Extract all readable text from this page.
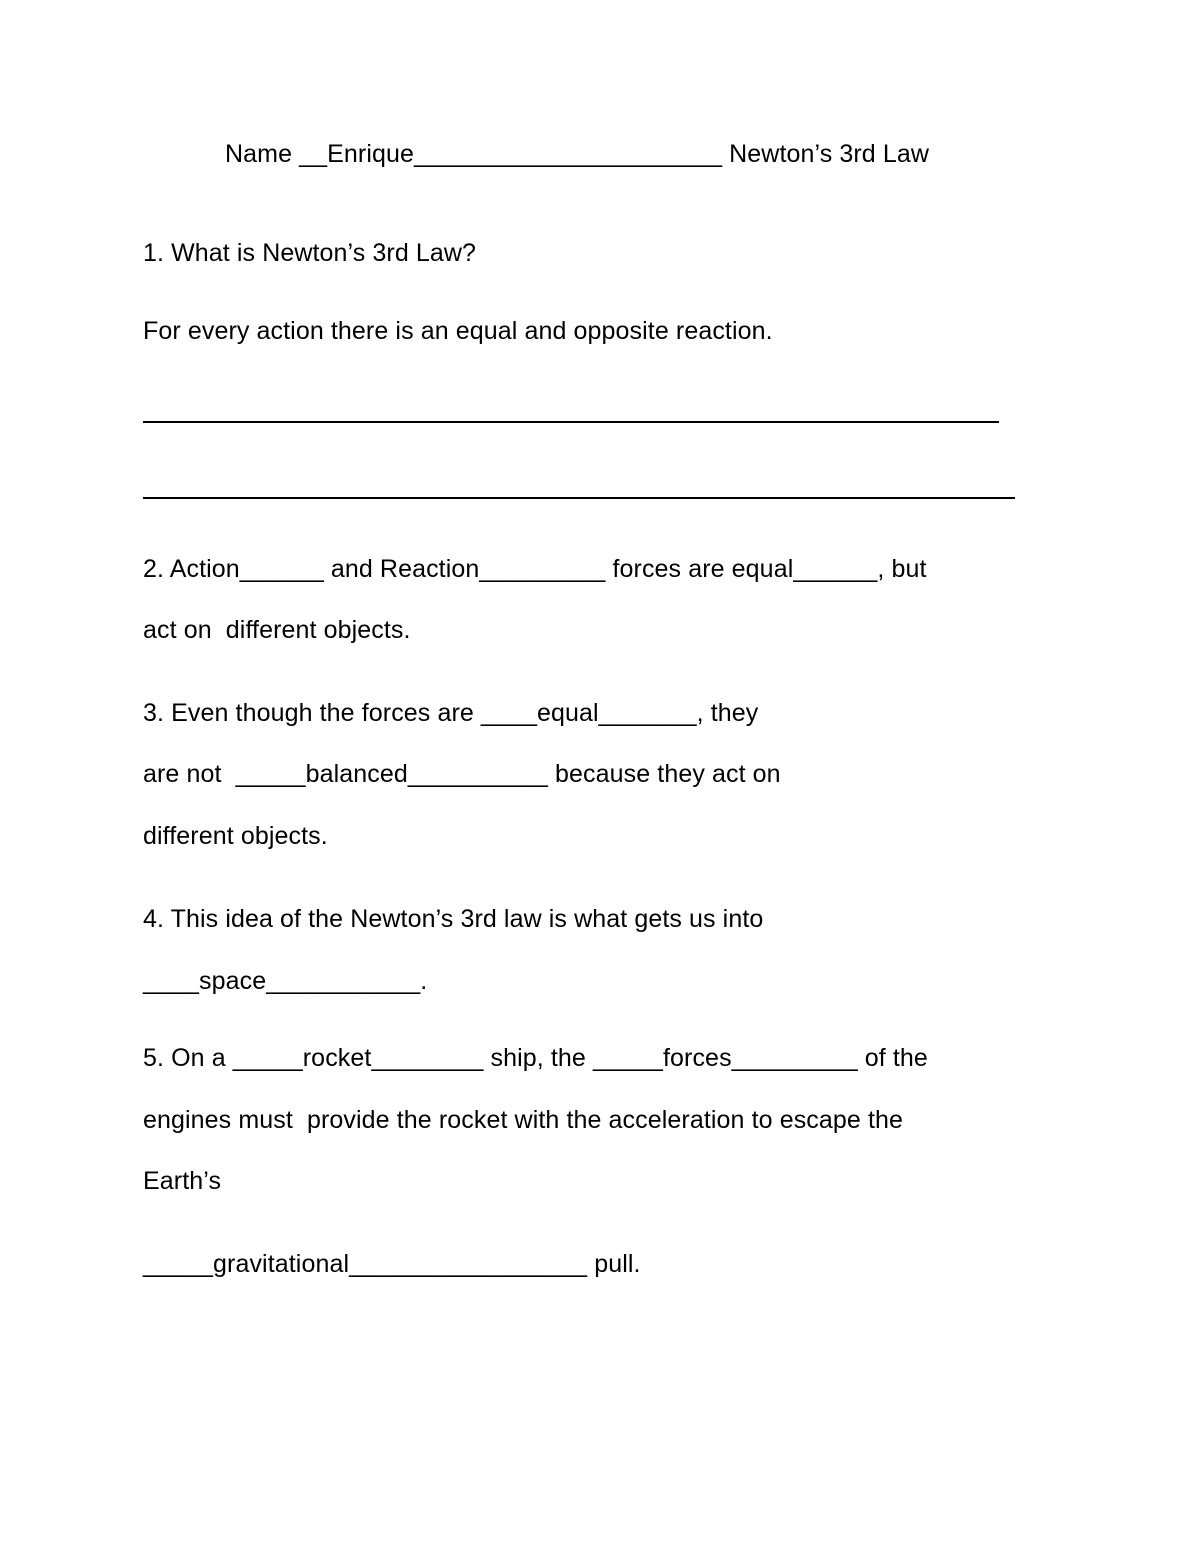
Name __Enrique______________________ Newton’s 3rd Law
1. What is Newton’s 3rd Law?
For every action there is an equal and opposite reaction.
2. Action______ and Reaction_________ forces are equal______, but
act on  different objects.
3. Even though the forces are ____equal_______, they
are not  _____balanced__________ because they act on
different objects.
4. This idea of the Newton’s 3rd law is what gets us into
____space___________.
5. On a _____rocket________ ship, the _____forces_________ of the
engines must  provide the rocket with the acceleration to escape the
Earth’s
_____gravitational_________________ pull.
